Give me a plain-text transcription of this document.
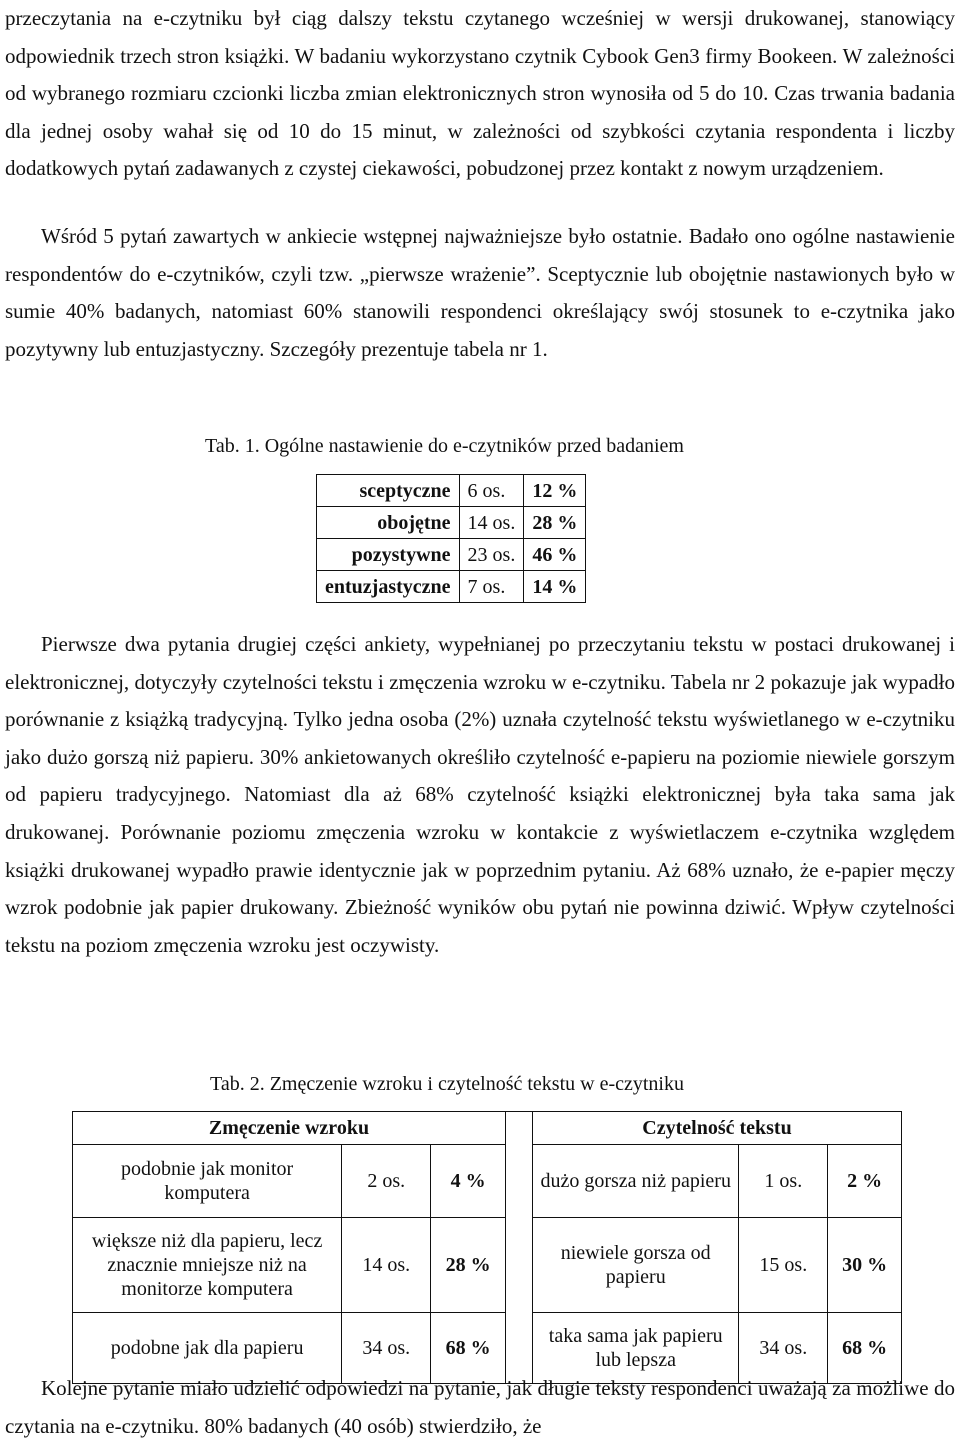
przeczytania na e-czytniku był ciąg dalszy tekstu czytanego wcześniej w wersji drukowanej, stanowiący odpowiednik trzech stron książki. W badaniu wykorzystano czytnik Cybook Gen3 firmy Bookeen. W zależności od wybranego rozmiaru czcionki liczba zmian elektronicznych stron wynosiła od 5 do 10. Czas trwania badania dla jednej osoby wahał się od 10 do 15 minut, w zależności od szybkości czytania respondenta i liczby dodatkowych pytań zadawanych z czystej ciekawości, pobudzonej przez kontakt z nowym urządzeniem.

Wśród 5 pytań zawartych w ankiecie wstępnej najważniejsze było ostatnie. Badało ono ogólne nastawienie respondentów do e-czytników, czyli tzw. „pierwsze wrażenie”. Sceptycznie lub obojętnie nastawionych było w sumie 40% badanych, natomiast 60% stanowili respondenci określający swój stosunek to e-czytnika jako pozytywny lub entuzjastyczny. Szczegóły prezentuje tabela nr 1.

Tab. 1. Ogólne nastawienie do e-czytników przed badaniem
sceptyczne	6 os.	12 %
obojętne	14 os.	28 %
pozystywne	23 os.	46 %
entuzjastyczne	7 os.	14 %

Pierwsze dwa pytania drugiej części ankiety, wypełnianej po przeczytaniu tekstu w postaci drukowanej i elektronicznej, dotyczyły czytelności tekstu i zmęczenia wzroku w e-czytniku. Tabela nr 2 pokazuje jak wypadło porównanie z książką tradycyjną. Tylko jedna osoba (2%) uznała czytelność tekstu wyświetlanego w e-czytniku jako dużo gorszą niż papieru. 30% ankietowanych określiło czytelność e-papieru na poziomie niewiele gorszym od papieru tradycyjnego. Natomiast dla aż 68% czytelność książki elektronicznej była taka sama jak drukowanej. Porównanie poziomu zmęczenia wzroku w kontakcie z wyświetlaczem e-czytnika względem książki drukowanej wypadło prawie identycznie jak w poprzednim pytaniu. Aż 68% uznało, że e-papier męczy wzrok podobnie jak papier drukowany. Zbieżność wyników obu pytań nie powinna dziwić. Wpływ czytelności tekstu na poziom zmęczenia wzroku jest oczywisty.

Tab. 2. Zmęczenie wzroku i czytelność tekstu w e-czytniku
Zmęczenie wzroku				Czytelność tekstu		
podobnie jak monitor komputera	2 os.	4 %		dużo gorsza niż papieru	1 os.	2 %
większe niż dla papieru, lecz znacznie mniejsze niż na monitorze komputera	14 os.	28 %		niewiele gorsza od papieru	15 os.	30 %
podobne jak dla papieru	34 os.	68 %		taka sama jak papieru lub lepsza	34 os.	68 %

Kolejne pytanie miało udzielić odpowiedzi na pytanie, jak długie teksty respondenci uważają za możliwe do czytania na e-czytniku. 80% badanych (40 osób) stwierdziło, że
